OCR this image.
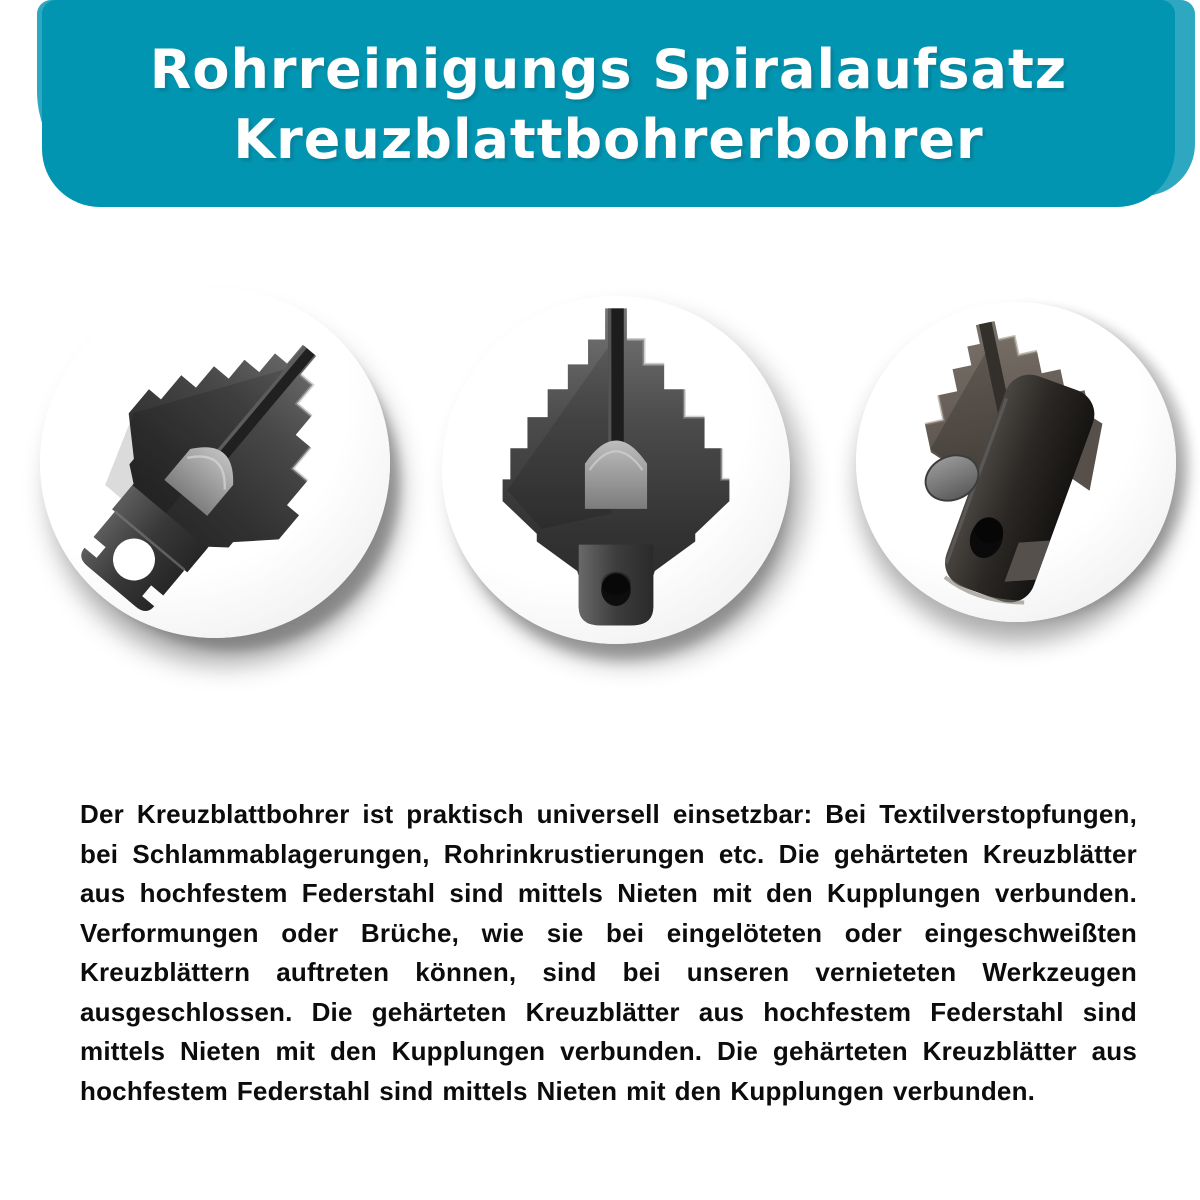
Rohrreinigungs Spiralaufsatz
Kreuzblattbohrerbohrer

Der Kreuzblattbohrer ist praktisch universell einsetzbar: Bei Textilverstopfungen, bei Schlammablagerungen, Rohrinkrustierungen etc. Die gehärteten Kreuzblätter aus hochfestem Federstahl sind mittels Nieten mit den Kupplungen verbunden. Verformungen oder Brüche, wie sie bei eingelöteten oder eingeschweißten Kreuzblättern auftreten können, sind bei unseren vernieteten Werkzeugen ausgeschlossen. Die gehärteten Kreuzblätter aus hochfestem Federstahl sind mittels Nieten mit den Kupplungen verbunden. Die gehärteten Kreuzblätter aus hochfestem Federstahl sind mittels Nieten mit den Kupplungen verbunden.
